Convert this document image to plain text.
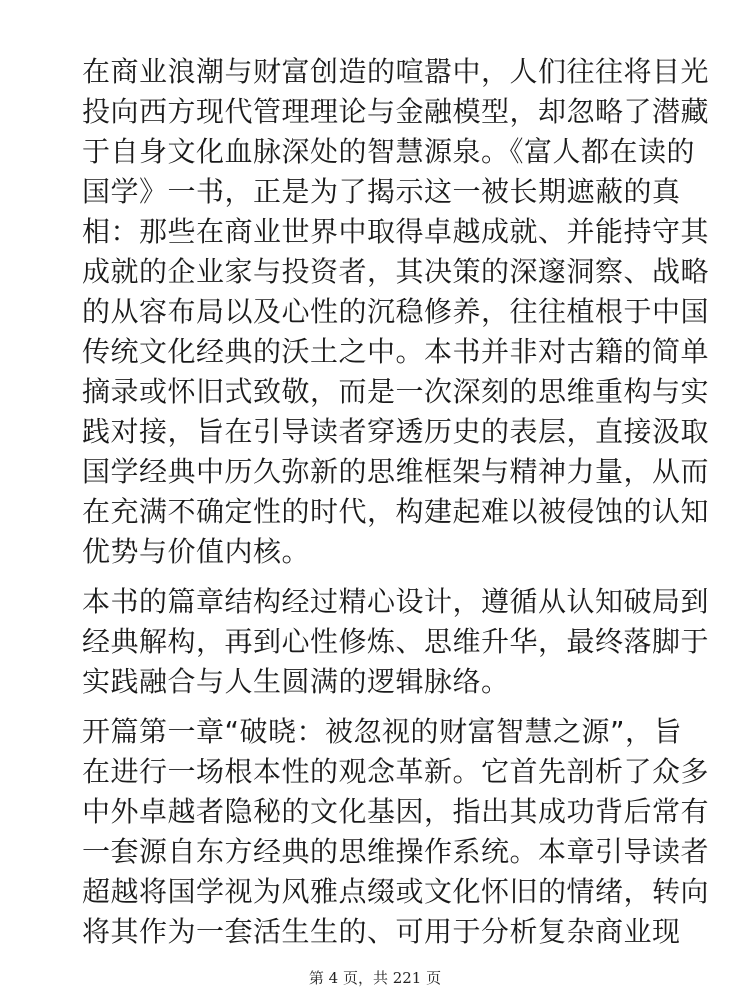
在商业浪潮与财富创造的喧嚣中，人们往往将目光
投向西方现代管理理论与金融模型，却忽略了潜藏
于自身文化血脉深处的智慧源泉。《富人都在读的
国学》一书，正是为了揭示这一被长期遮蔽的真
相：那些在商业世界中取得卓越成就、并能持守其
成就的企业家与投资者，其决策的深邃洞察、战略
的从容布局以及心性的沉稳修养，往往植根于中国
传统文化经典的沃土之中。本书并非对古籍的简单
摘录或怀旧式致敬，而是一次深刻的思维重构与实
践对接，旨在引导读者穿透历史的表层，直接汲取
国学经典中历久弥新的思维框架与精神力量，从而
在充满不确定性的时代，构建起难以被侵蚀的认知
优势与价值内核。

本书的篇章结构经过精心设计，遵循从认知破局到
经典解构，再到心性修炼、思维升华，最终落脚于
实践融合与人生圆满的逻辑脉络。

开篇第一章“破晓：被忽视的财富智慧之源”，旨
在进行一场根本性的观念革新。它首先剖析了众多
中外卓越者隐秘的文化基因，指出其成功背后常有
一套源自东方经典的思维操作系统。本章引导读者
超越将国学视为风雅点缀或文化怀旧的情绪，转向
将其作为一套活生生的、可用于分析复杂商业现

第 4 页，共 221 页
